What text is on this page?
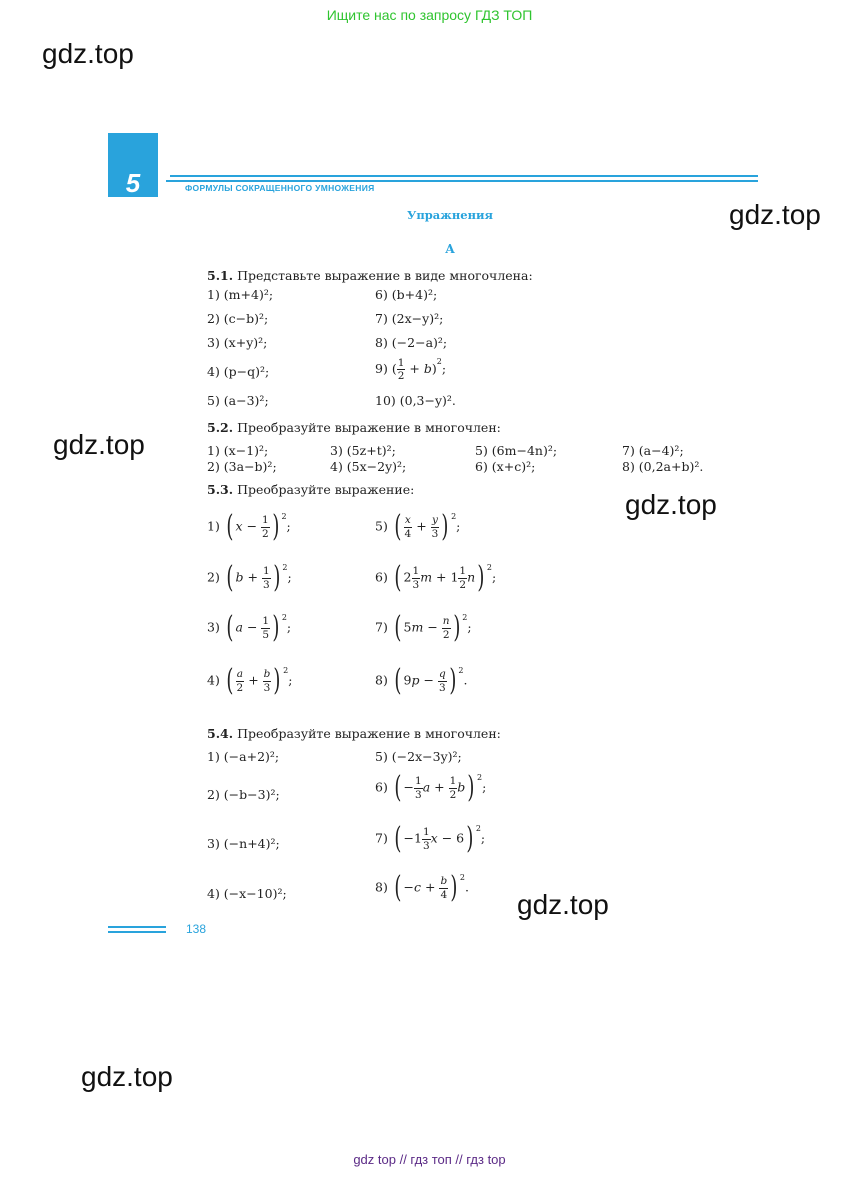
Ищите нас по запросу ГДЗ ТОП
gdz top // гдз топ // гдз top
gdz.top
gdz.top
gdz.top
gdz.top
gdz.top
gdz.top
5	ФОРМУЛЫ СОКРАЩЕННОГО УМНОЖЕНИЯ
Упражнения
А
5.1. Представьте выражение в виде многочлена:
1) (m+4)²;
2) (c−b)²;
3) (x+y)²;
4) (p−q)²;
5) (a−3)²;
6) (b+4)²;
7) (2x−y)²;
8) (−2−a)²;
9) ( $\frac{1}{2} + b)^2$;
10) (0,3−y)².
5.2. Преобразуйте выражение в многочлен:
1) (x−1)²;
2) (3a−b)²;
3) (5z+t)²;
4) (5x−2y)²;
5) (6m−4n)²;
6) (x+c)²;
7) (a−4)²;
8) (0,2a+b)².
5.3. Преобразуйте выражение:
1) ( $x - \frac{1}{2}$ ) $^2$;
2) ( $b + \frac{1}{3}$ ) $^2$;
3) ( $a - \frac{1}{5}$ ) $^2$;
4) ( $\frac{a}{2} + \frac{b}{3}$ ) $^2$;
5) ( $\frac{x}{4} + \frac{y}{3}$ ) $^2$;
6) ( $2 \frac{1}{3}$ $m + 1 \frac{1}{2} n$) $^2$;
7) ( $5m - \frac{n}{2}$ ) $^2$;
8) ( $9p - \frac{q}{3}$ ) $^2$.
5.4. Преобразуйте выражение в многочлен:
1) (−a+2)²;
2) (−b−3)²;
3) (−n+4)²;
4) (−x−10)²;
5) (−2x−3y)²;
6) ( − $\frac{1}{3}$ $a + \frac{1}{2} b$) $^2$;
7) ( $-1 \frac{1}{3}$ x − 6) $^2$;
8) ( $-c + \frac{b}{4}$ ) $^2$.
138
